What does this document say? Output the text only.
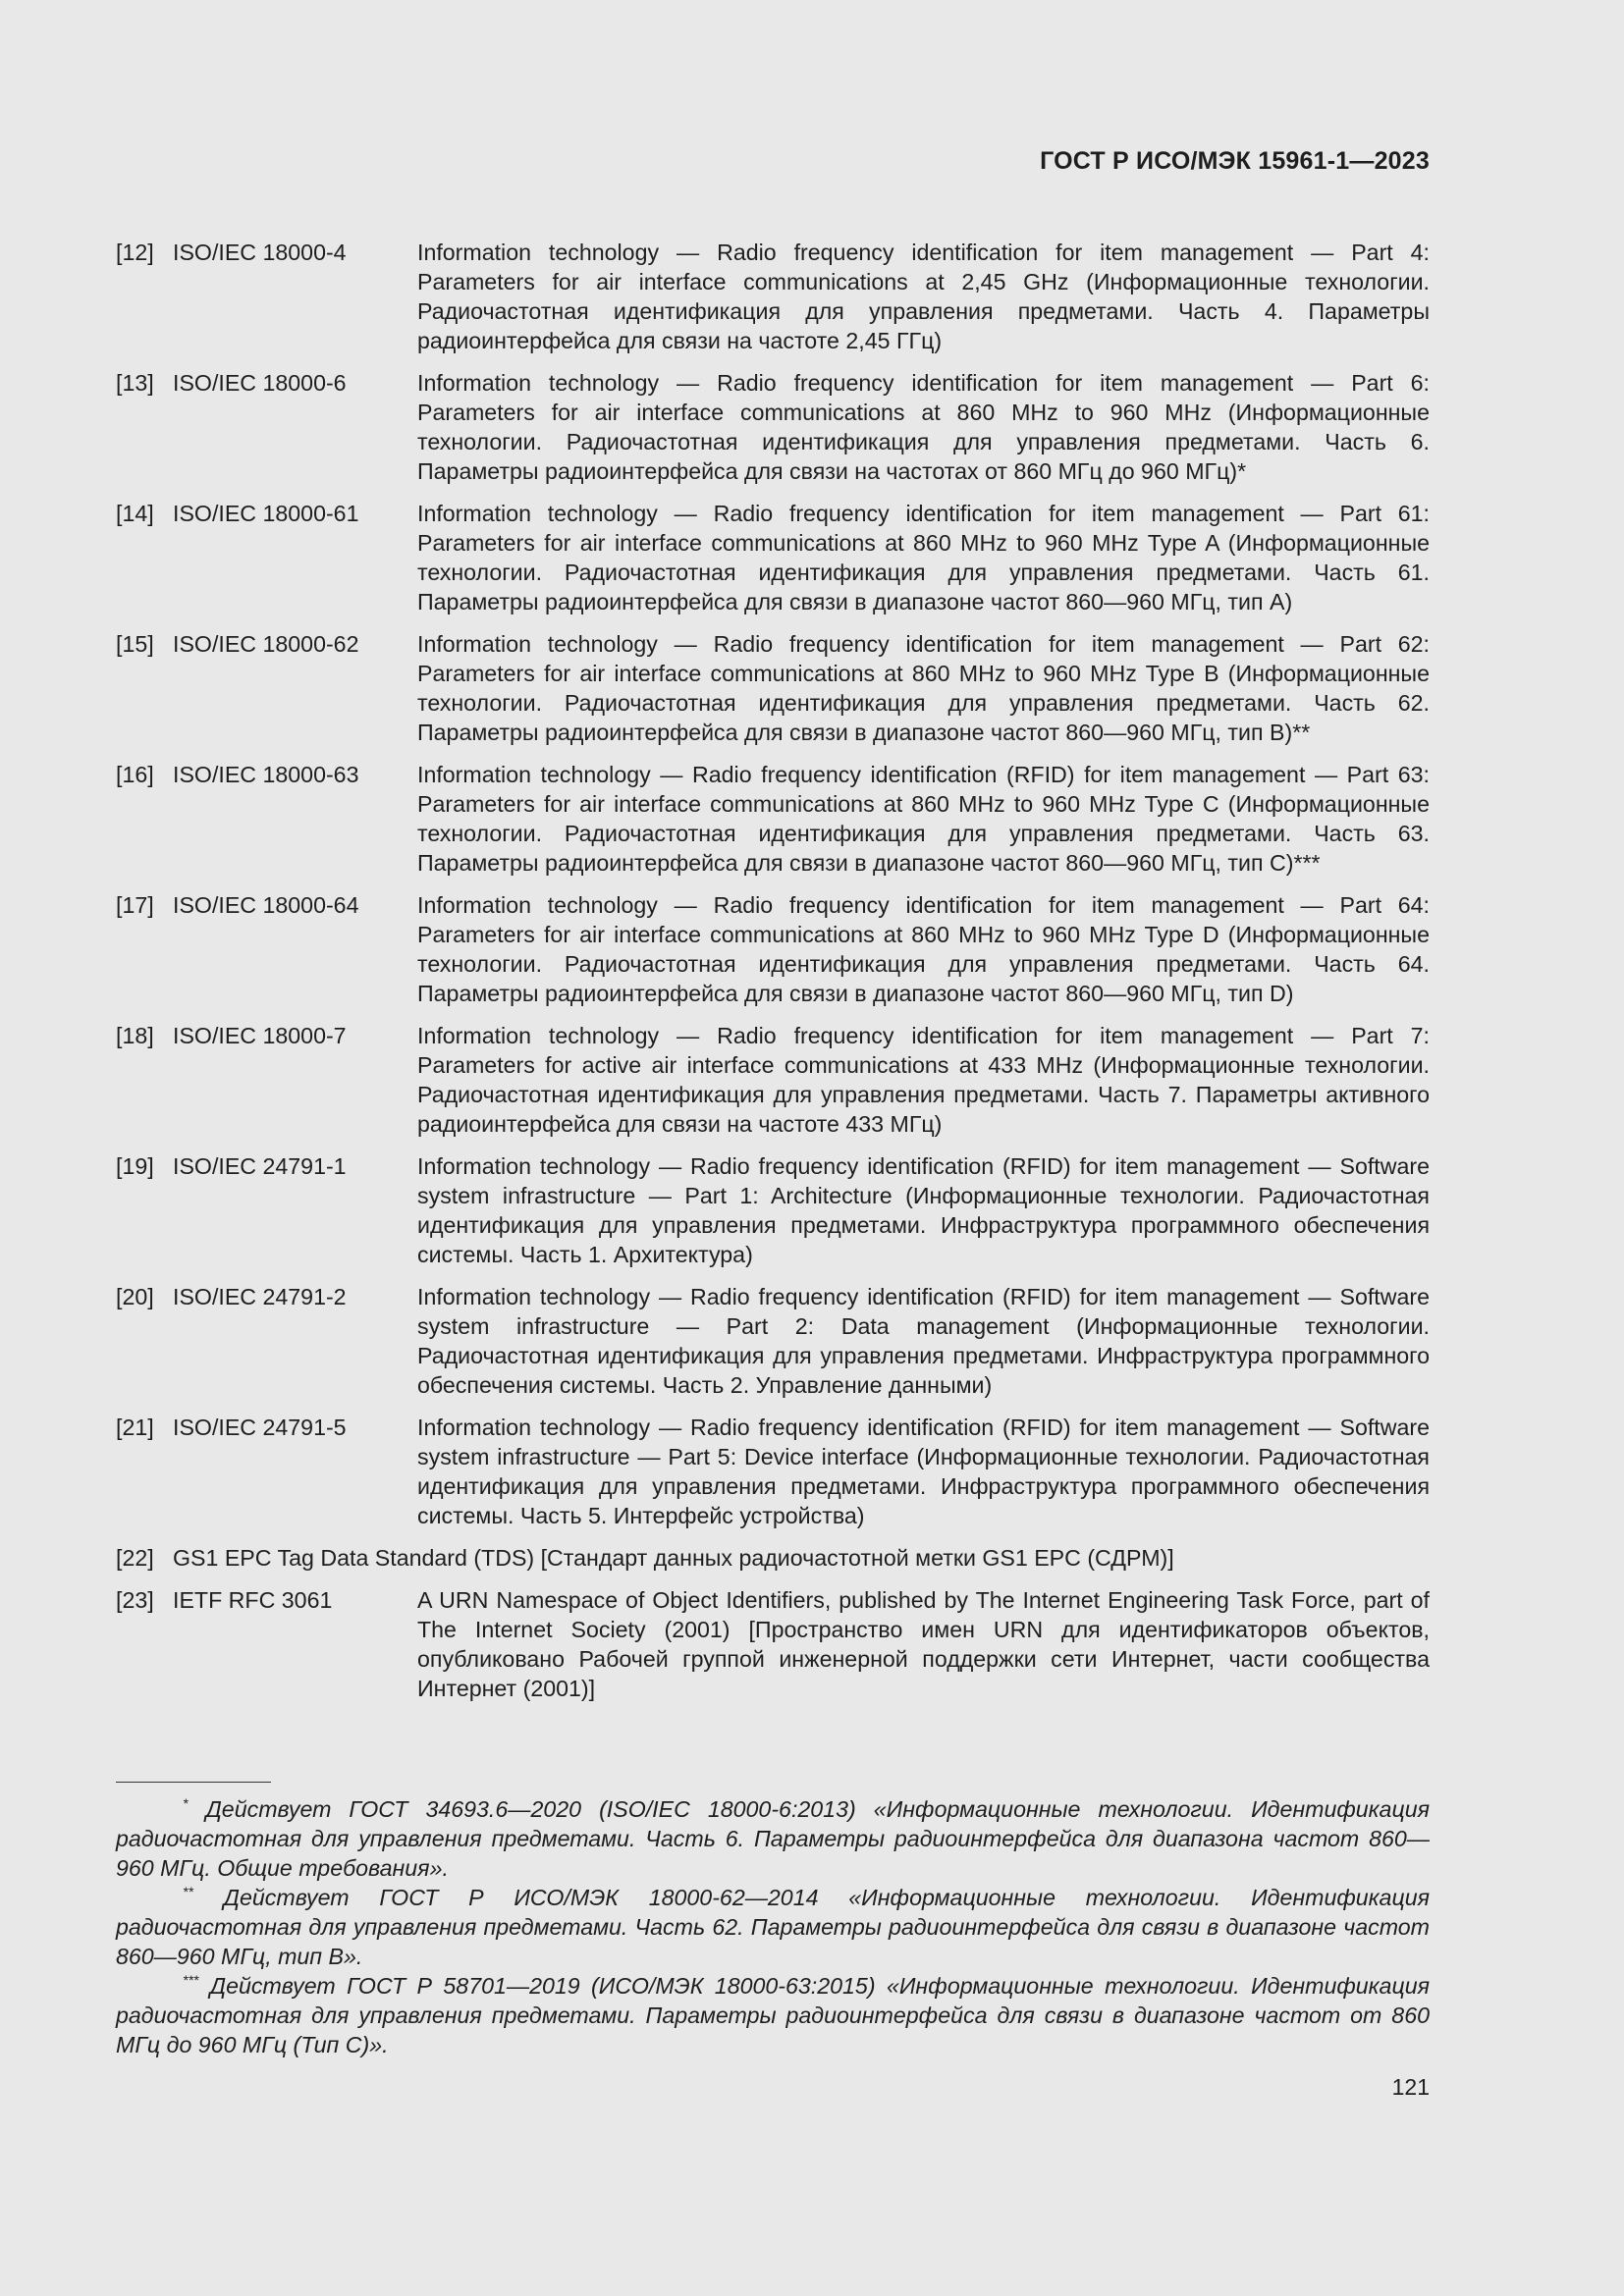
ГОСТ Р ИСО/МЭК 15961-1—2023
[12] ISO/IEC 18000-4	Information technology — Radio frequency identification for item management — Part 4: Parameters for air interface communications at 2,45 GHz (Информационные технологии. Радиочастотная идентификация для управления предметами. Часть 4. Параметры радиоинтерфейса для связи на частоте 2,45 ГГц)
[13] ISO/IEC 18000-6	Information technology — Radio frequency identification for item management — Part 6: Parameters for air interface communications at 860 MHz to 960 MHz (Информационные технологии. Радиочастотная идентификация для управления предметами. Часть 6. Параметры радиоинтерфейса для связи на частотах от 860 МГц до 960 МГц)*
[14] ISO/IEC 18000-61	Information technology — Radio frequency identification for item management — Part 61: Parameters for air interface communications at 860 MHz to 960 MHz Type A (Информационные технологии. Радиочастотная идентификация для управления предметами. Часть 61. Параметры радиоинтерфейса для связи в диапазоне частот 860—960 МГц, тип А)
[15] ISO/IEC 18000-62	Information technology — Radio frequency identification for item management — Part 62: Parameters for air interface communications at 860 MHz to 960 MHz Type B (Информационные технологии. Радиочастотная идентификация для управления предметами. Часть 62. Параметры радиоинтерфейса для связи в диапазоне частот 860—960 МГц, тип В)**
[16] ISO/IEC 18000-63	Information technology — Radio frequency identification (RFID) for item management — Part 63: Parameters for air interface communications at 860 MHz to 960 MHz Type C (Информационные технологии. Радиочастотная идентификация для управления предметами. Часть 63. Параметры радиоинтерфейса для связи в диапазоне частот 860—960 МГц, тип С)***
[17] ISO/IEC 18000-64	Information technology — Radio frequency identification for item management — Part 64: Parameters for air interface communications at 860 MHz to 960 MHz Type D (Информационные технологии. Радиочастотная идентификация для управления предметами. Часть 64. Параметры радиоинтерфейса для связи в диапазоне частот 860—960 МГц, тип D)
[18] ISO/IEC 18000-7	Information technology — Radio frequency identification for item management — Part 7: Parameters for active air interface communications at 433 MHz (Информационные технологии. Радиочастотная идентификация для управления предметами. Часть 7. Параметры активного радиоинтерфейса для связи на частоте 433 МГц)
[19] ISO/IEC 24791-1	Information technology — Radio frequency identification (RFID) for item management — Software system infrastructure — Part 1: Architecture (Информационные технологии. Радиочастотная идентификация для управления предметами. Инфраструктура программного обеспечения системы. Часть 1. Архитектура)
[20] ISO/IEC 24791-2	Information technology — Radio frequency identification (RFID) for item management — Software system infrastructure — Part 2: Data management (Информационные технологии. Радиочастотная идентификация для управления предметами. Инфраструктура программного обеспечения системы. Часть 2. Управление данными)
[21] ISO/IEC 24791-5	Information technology — Radio frequency identification (RFID) for item management — Software system infrastructure — Part 5: Device interface (Информационные технологии. Радиочастотная идентификация для управления предметами. Инфраструктура программного обеспечения системы. Часть 5. Интерфейс устройства)
[22] GS1 EPC Tag Data Standard (TDS) [Стандарт данных радиочастотной метки GS1 EPC (СДРМ)]
[23] IETF RFC 3061	A URN Namespace of Object Identifiers, published by The Internet Engineering Task Force, part of The Internet Society (2001) [Пространство имен URN для идентификаторов объектов, опубликовано Рабочей группой инженерной поддержки сети Интернет, части сообщества Интернет (2001)]
* Действует ГОСТ 34693.6—2020 (ISO/IEC 18000-6:2013) «Информационные технологии. Идентификация радиочастотная для управления предметами. Часть 6. Параметры радиоинтерфейса для диапазона частот 860—960 МГц. Общие требования».
** Действует ГОСТ Р ИСО/МЭК 18000-62—2014 «Информационные технологии. Идентификация радиочастотная для управления предметами. Часть 62. Параметры радиоинтерфейса для связи в диапазоне частот 860—960 МГц, тип В».
*** Действует ГОСТ Р 58701—2019 (ИСО/МЭК 18000-63:2015) «Информационные технологии. Идентификация радиочастотная для управления предметами. Параметры радиоинтерфейса для связи в диапазоне частот от 860 МГц до 960 МГц (Тип С)».
121
